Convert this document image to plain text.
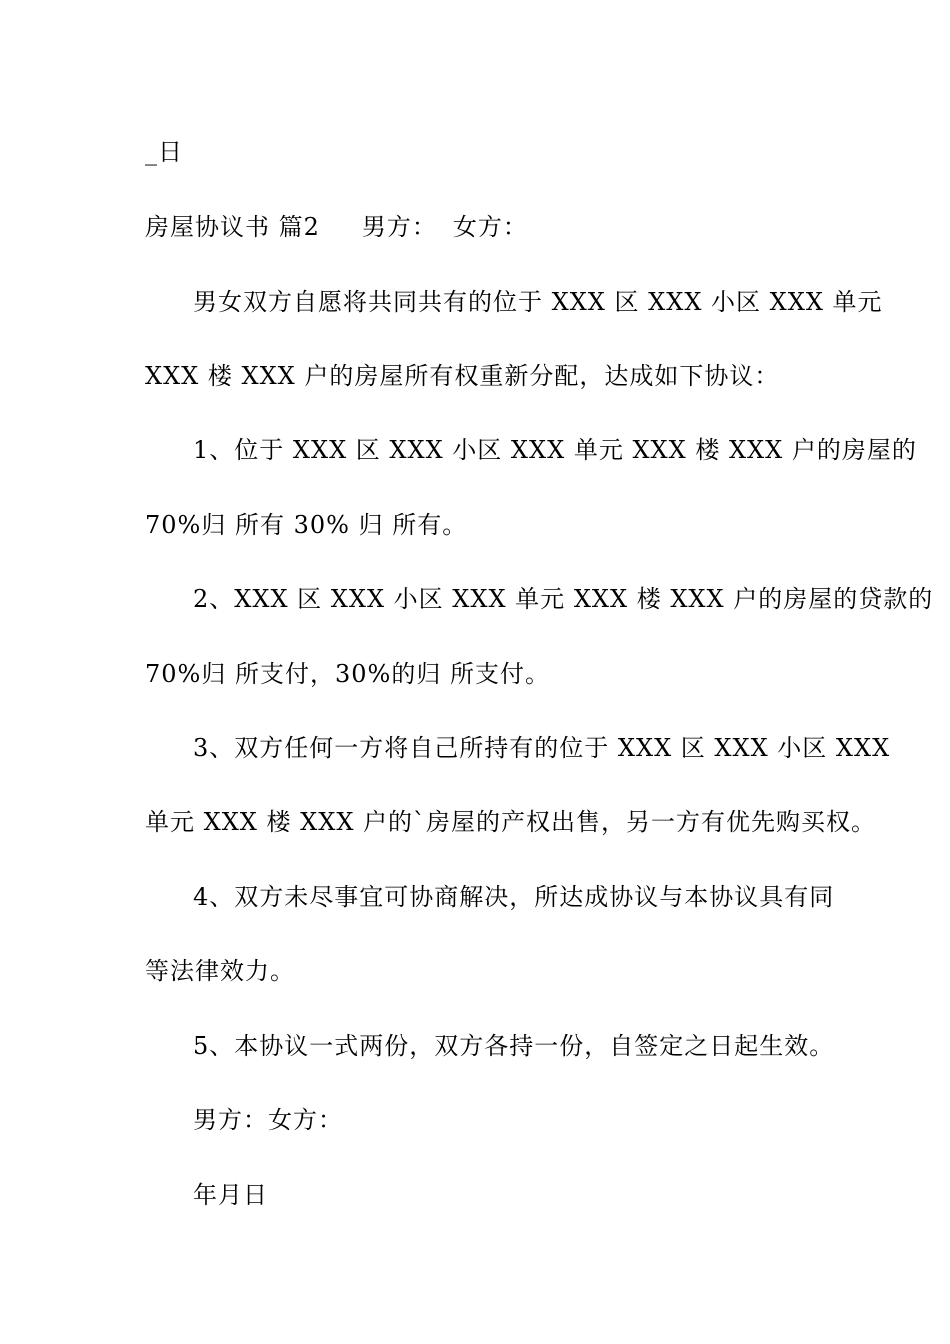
_日
房屋协议书 篇2 男方： 女方：
男女双方自愿将共同共有的位于 XXX 区 XXX 小区 XXX 单元
XXX 楼 XXX 户的房屋所有权重新分配，达成如下协议：
1、位于 XXX 区 XXX 小区 XXX 单元 XXX 楼 XXX 户的房屋的
70%归 所有 30% 归 所有。
2、XXX 区 XXX 小区 XXX 单元 XXX 楼 XXX 户的房屋的贷款的
70%归 所支付，30%的归 所支付。
3、双方任何一方将自己所持有的位于 XXX 区 XXX 小区 XXX
单元 XXX 楼 XXX 户的`房屋的产权出售，另一方有优先购买权。
4、双方未尽事宜可协商解决，所达成协议与本协议具有同
等法律效力。
5、本协议一式两份，双方各持一份，自签定之日起生效。
男方：女方：
年月日
